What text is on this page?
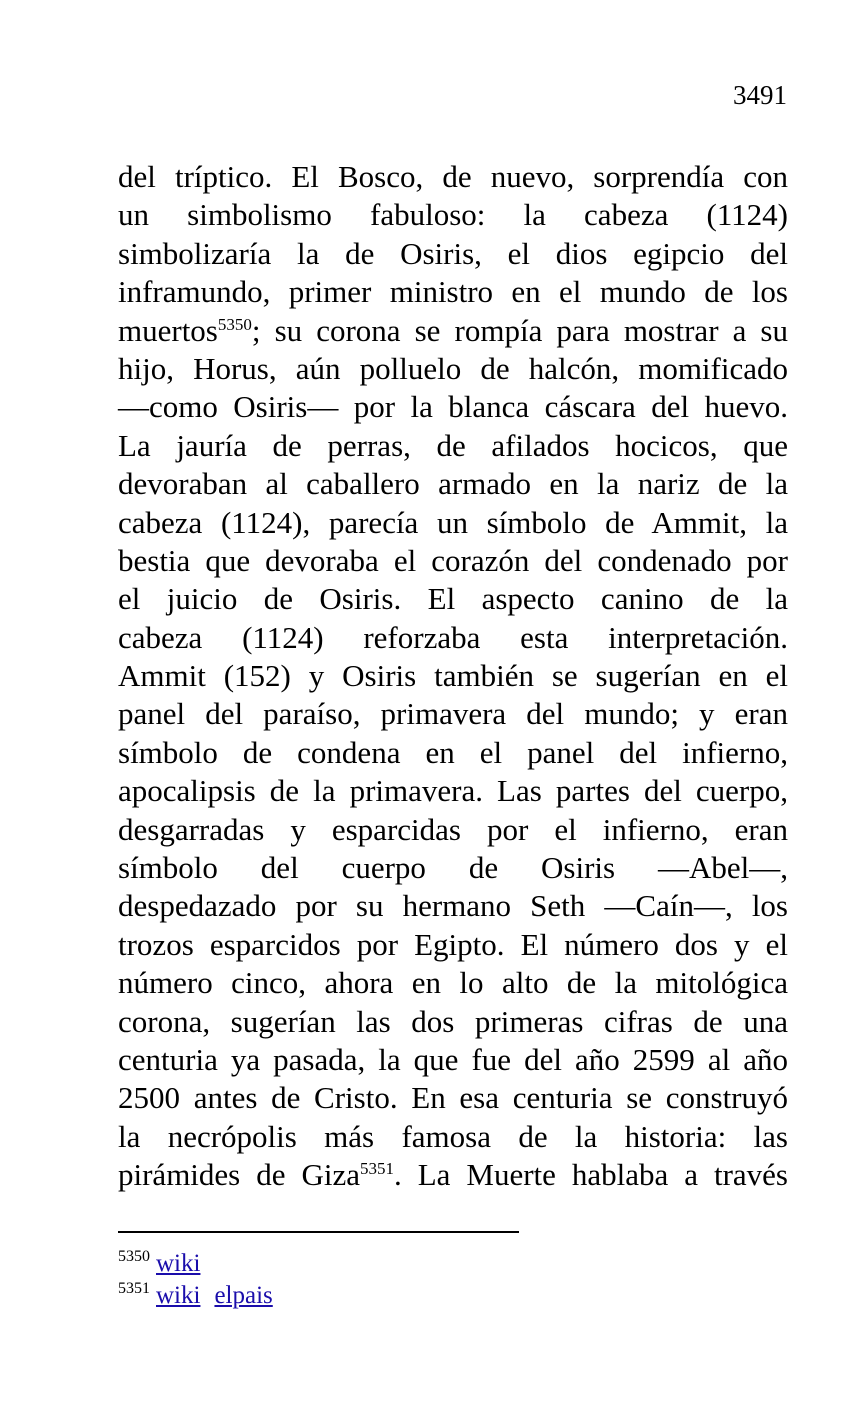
3491
del tríptico. El Bosco, de nuevo, sorprendía con
un simbolismo fabuloso: la cabeza (1124)
simbolizaría la de Osiris, el dios egipcio del
inframundo, primer ministro en el mundo de los
muertos$^{5350}$; su corona se rompía para mostrar a su
hijo, Horus, aún polluelo de halcón, momificado
—como Osiris— por la blanca cáscara del huevo.
La jauría de perras, de afilados hocicos, que
devoraban al caballero armado en la nariz de la
cabeza (1124), parecía un símbolo de Ammit, la
bestia que devoraba el corazón del condenado por
el juicio de Osiris. El aspecto canino de la
cabeza (1124) reforzaba esta interpretación.
Ammit (152) y Osiris también se sugerían en el
panel del paraíso, primavera del mundo; y eran
símbolo de condena en el panel del infierno,
apocalipsis de la primavera. Las partes del cuerpo,
desgarradas y esparcidas por el infierno, eran
símbolo del cuerpo de Osiris —Abel—,
despedazado por su hermano Seth —Caín—, los
trozos esparcidos por Egipto. El número dos y el
número cinco, ahora en lo alto de la mitológica
corona, sugerían las dos primeras cifras de una
centuria ya pasada, la que fue del año 2599 al año
2500 antes de Cristo. En esa centuria se construyó
la necrópolis más famosa de la historia: las
pirámides de Giza$^{5351}$. La Muerte hablaba a través
$^{5350}$ wiki
$^{5351}$ wiki elpais
